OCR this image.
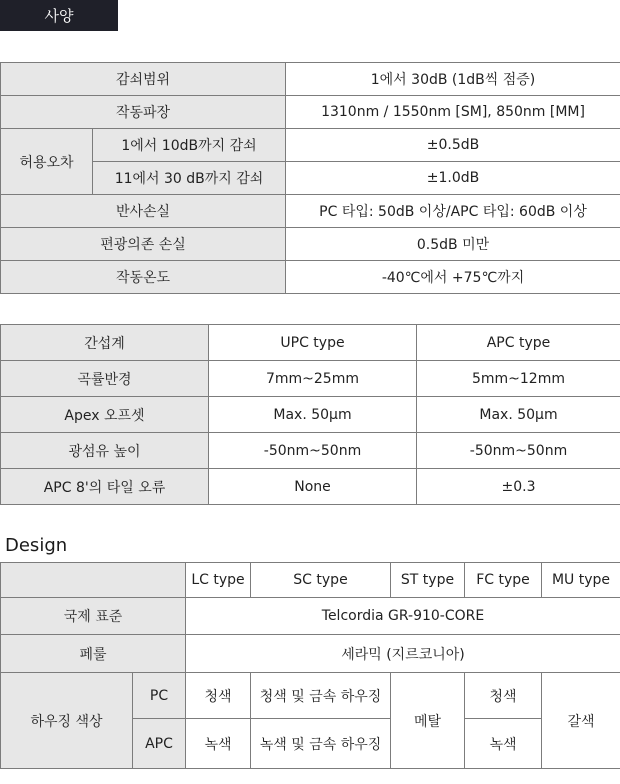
사양
감쇠범위		1에서 30dB (1dB씩 점증)
작동파장		1310nm / 1550nm [SM], 850nm [MM]
허용오차	1에서 10dB까지 감쇠	±0.5dB
	11에서 30 dB까지 감쇠	±1.0dB
반사손실		PC 타입: 50dB 이상/APC 타입: 60dB 이상
편광의존 손실		0.5dB 미만
작동온도		-40℃에서 +75℃까지
간섭계	UPC type	APC type
곡률반경	7mm~25mm	5mm~12mm
Apex 오프셋	Max. 50μm	Max. 50μm
광섬유 높이	-50nm~50nm	-50nm~50nm
APC 8'의 타일 오류	None	±0.3
Design
		LC type	SC type	ST type	FC type	MU type
국제 표준		Telcordia GR-910-CORE				
페룰		세라믹 (지르코니아)				
하우징 색상	PC	청색	청색 및 금속 하우징	메탈	청색	갈색
	APC	녹색	녹색 및 금속 하우징		녹색	
